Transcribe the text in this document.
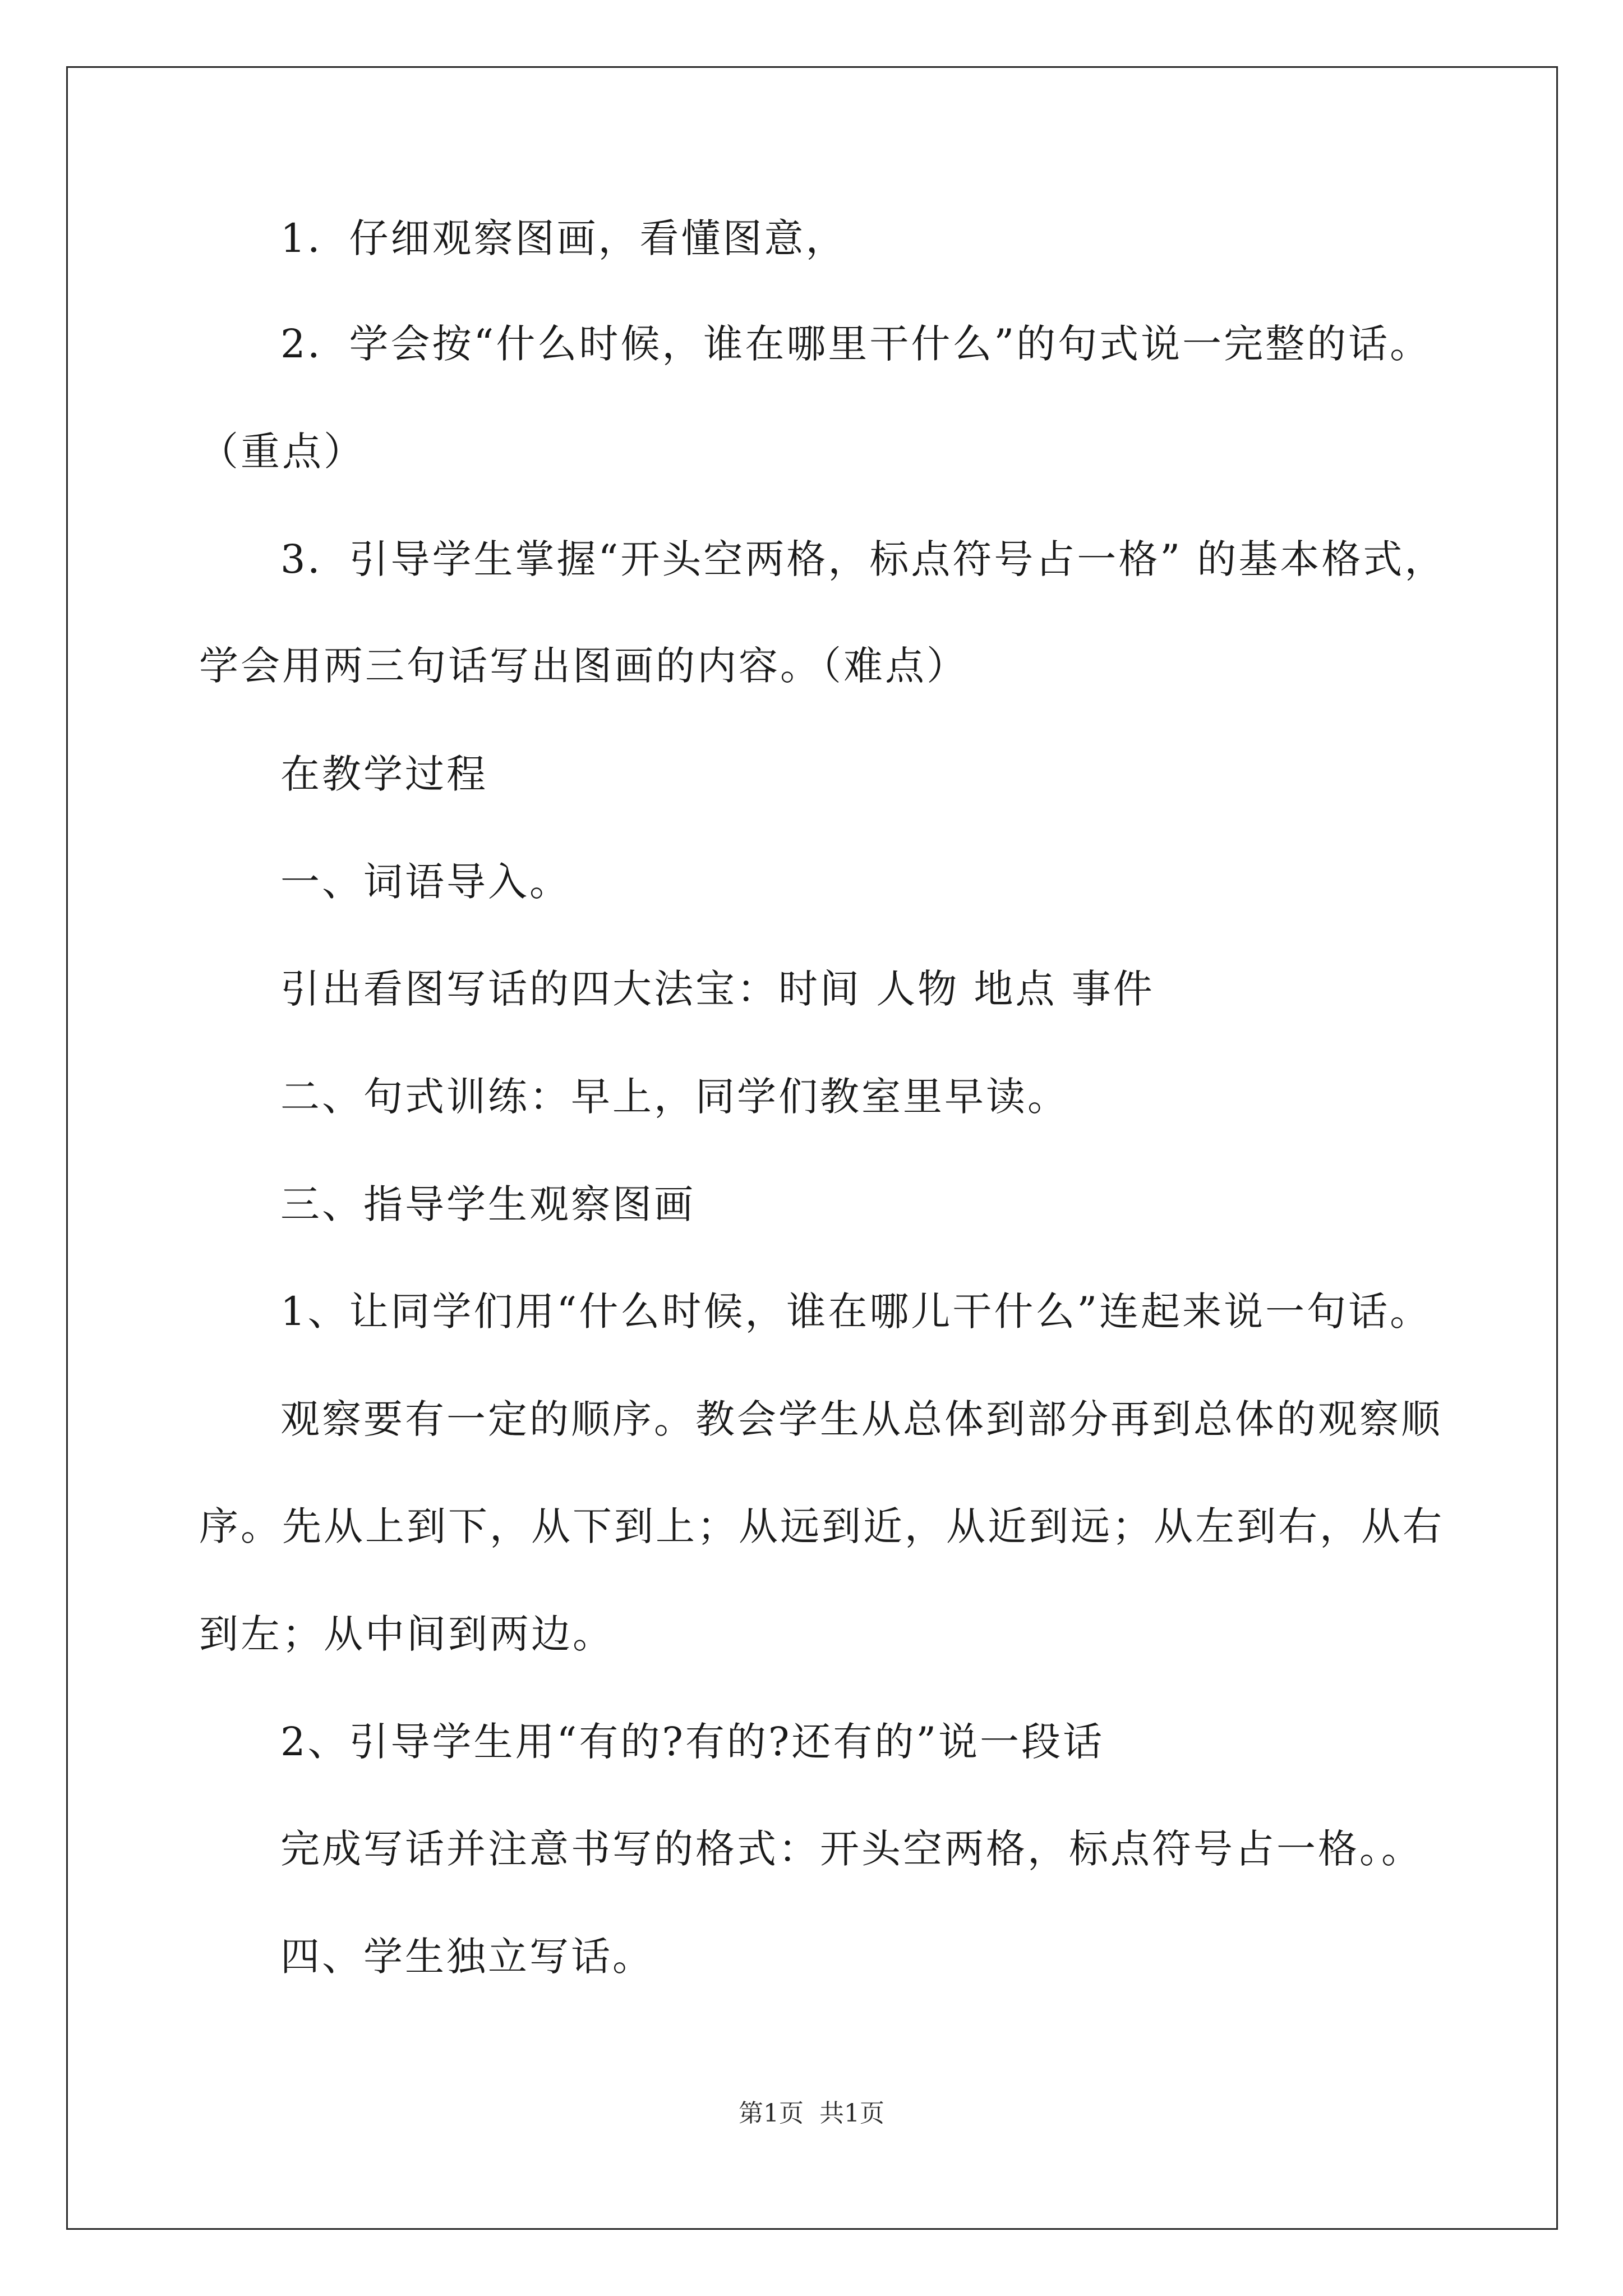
1．仔细观察图画，看懂图意，
2．学会按“什么时候，谁在哪里干什么”的句式说一完整的话。
（重点）
3．引导学生掌握“开头空两格，标点符号占一格” 的基本格式，
学会用两三句话写出图画的内容。（难点）
在教学过程
一、词语导入。
引出看图写话的四大法宝：时间 人物 地点 事件
二、句式训练：早上，同学们教室里早读。
三、指导学生观察图画
1、让同学们用“什么时候，谁在哪儿干什么”连起来说一句话。
观察要有一定的顺序。教会学生从总体到部分再到总体的观察顺
序。先从上到下，从下到上；从远到近，从近到远；从左到右，从右
到左；从中间到两边。
2、引导学生用“有的?有的?还有的”说一段话
完成写话并注意书写的格式：开头空两格，标点符号占一格。。
四、学生独立写话。
第1页 共1页
